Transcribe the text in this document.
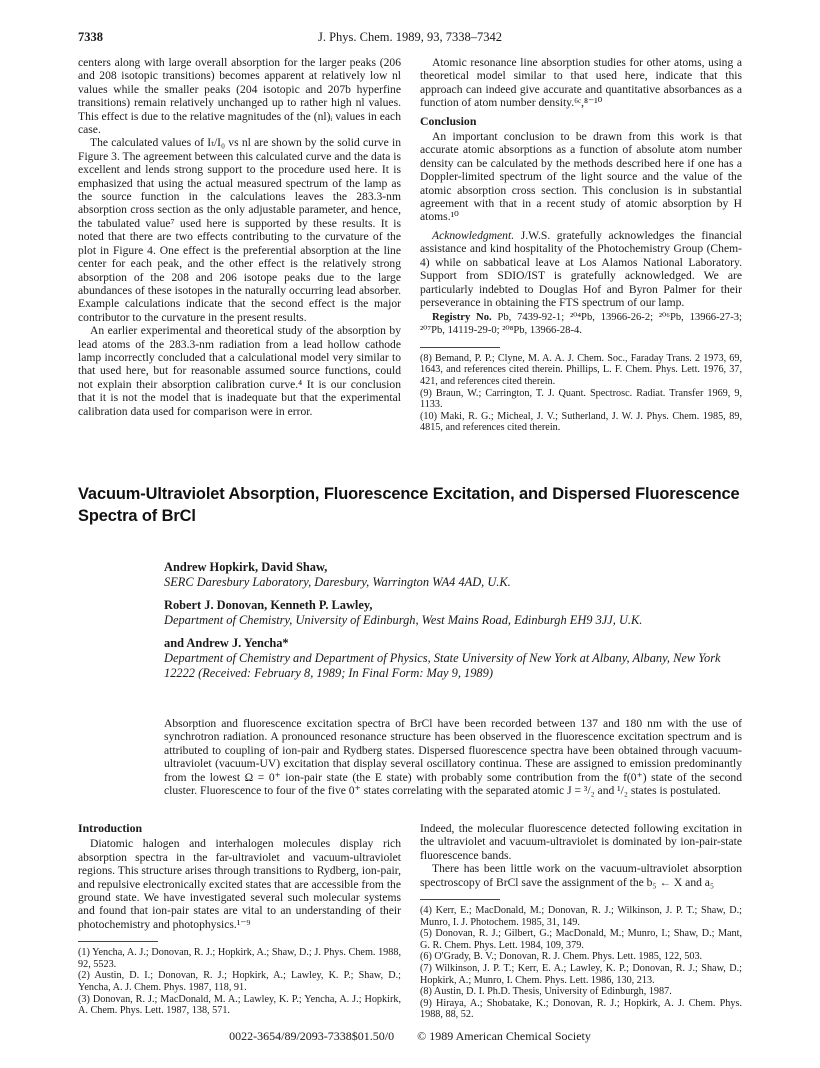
7338	J. Phys. Chem. 1989, 93, 7338–7342

centers along with large overall absorption for the larger peaks (206 and 208 isotopic transitions) becomes apparent at relatively low nl values while the smaller peaks (204 isotopic and 207b hyperfine transitions) remain relatively unchanged up to rather high nl values. This effect is due to the relative magnitudes of the (nl)ᵢ values in each case.

The calculated values of Iₜ/I₀ vs nl are shown by the solid curve in Figure 3. The agreement between this calculated curve and the data is excellent and lends strong support to the procedure used here. It is emphasized that using the actual measured spectrum of the lamp as the source function in the calculations leaves the 283.3-nm absorption cross section as the only adjustable parameter, and hence, the tabulated value⁷ used here is supported by these results. It is noted that there are two effects contributing to the curvature of the plot in Figure 4. One effect is the preferential absorption at the line center for each peak, and the other effect is the relatively strong absorption of the 208 and 206 isotope peaks due to the large abundances of these isotopes in the naturally occurring lead absorber. Example calculations indicate that the second effect is the major contributor to the curvature in the present results.

An earlier experimental and theoretical study of the absorption by lead atoms of the 283.3-nm radiation from a lead hollow cathode lamp incorrectly concluded that a calculational model very similar to that used here, but for reasonable assumed source functions, could not explain their absorption calibration curve.⁴ It is our conclusion that it is not the model that is inadequate but that the experimental calibration data used for comparison were in error.

Atomic resonance line absorption studies for other atoms, using a theoretical model similar to that used here, indicate that this approach can indeed give accurate and quantitative absorbances as a function of atom number density.⁶ᶜ,⁸⁻¹⁰

Conclusion

An important conclusion to be drawn from this work is that accurate atomic absorptions as a function of absolute atom number density can be calculated by the methods described here if one has a Doppler-limited spectrum of the light source and the value of the atomic absorption cross section. This conclusion is in substantial agreement with that in a recent study of atomic absorption by H atoms.¹⁰

Acknowledgment. J.W.S. gratefully acknowledges the financial assistance and kind hospitality of the Photochemistry Group (Chem-4) while on sabbatical leave at Los Alamos National Laboratory. Support from SDIO/IST is gratefully acknowledged. We are particularly indebted to Douglas Hof and Byron Palmer for their perseverance in obtaining the FTS spectrum of our lamp.

Registry No. Pb, 7439-92-1; ²⁰⁴Pb, 13966-26-2; ²⁰⁶Pb, 13966-27-3; ²⁰⁷Pb, 14119-29-0; ²⁰⁸Pb, 13966-28-4.

(8) Bemand, P. P.; Clyne, M. A. A. J. Chem. Soc., Faraday Trans. 2 1973, 69, 1643, and references cited therein. Phillips, L. F. Chem. Phys. Lett. 1976, 37, 421, and references cited therein.

(9) Braun, W.; Carrington, T. J. Quant. Spectrosc. Radiat. Transfer 1969, 9, 1133.

(10) Maki, R. G.; Micheal, J. V.; Sutherland, J. W. J. Phys. Chem. 1985, 89, 4815, and references cited therein.

Vacuum-Ultraviolet Absorption, Fluorescence Excitation, and Dispersed Fluorescence Spectra of BrCl

Andrew Hopkirk, David Shaw,

SERC Daresbury Laboratory, Daresbury, Warrington WA4 4AD, U.K.

Robert J. Donovan, Kenneth P. Lawley,

Department of Chemistry, University of Edinburgh, West Mains Road, Edinburgh EH9 3JJ, U.K.

and Andrew J. Yencha*

Department of Chemistry and Department of Physics, State University of New York at Albany, Albany, New York 12222 (Received: February 8, 1989; In Final Form: May 9, 1989)

Absorption and fluorescence excitation spectra of BrCl have been recorded between 137 and 180 nm with the use of synchrotron radiation. A pronounced resonance structure has been observed in the fluorescence excitation spectrum and is attributed to coupling of ion-pair and Rydberg states. Dispersed fluorescence spectra have been obtained through vacuum-ultraviolet (vacuum-UV) excitation that display several oscillatory continua. These are assigned to emission predominantly from the lowest Ω = 0⁺ ion-pair state (the E state) with probably some contribution from the f(0⁺) state of the second cluster. Fluorescence to four of the five 0⁺ states correlating with the separated atomic J = ³/₂ and ¹/₂ states is postulated.

Introduction

Diatomic halogen and interhalogen molecules display rich absorption spectra in the far-ultraviolet and vacuum-ultraviolet regions. This structure arises through transitions to Rydberg, ion-pair, and repulsive electronically excited states that are accessible from the ground state. We have investigated several such molecular systems and found that ion-pair states are vital to an understanding of their photochemistry and photophysics.¹⁻⁹

(1) Yencha, A. J.; Donovan, R. J.; Hopkirk, A.; Shaw, D.; J. Phys. Chem. 1988, 92, 5523.

(2) Austin, D. I.; Donovan, R. J.; Hopkirk, A.; Lawley, K. P.; Shaw, D.; Yencha, A. J. Chem. Phys. 1987, 118, 91.

(3) Donovan, R. J.; MacDonald, M. A.; Lawley, K. P.; Yencha, A. J.; Hopkirk, A. Chem. Phys. Lett. 1987, 138, 571.

Indeed, the molecular fluorescence detected following excitation in the ultraviolet and vacuum-ultraviolet is dominated by ion-pair-state fluorescence bands.

There has been little work on the vacuum-ultraviolet absorption spectroscopy of BrCl save the assignment of the b₅ ← X and a₅

(4) Kerr, E.; MacDonald, M.; Donovan, R. J.; Wilkinson, J. P. T.; Shaw, D.; Munro, I. J. Photochem. 1985, 31, 149.

(5) Donovan, R. J.; Gilbert, G.; MacDonald, M.; Munro, I.; Shaw, D.; Mant, G. R. Chem. Phys. Lett. 1984, 109, 379.

(6) O'Grady, B. V.; Donovan, R. J. Chem. Phys. Lett. 1985, 122, 503.

(7) Wilkinson, J. P. T.; Kerr, E. A.; Lawley, K. P.; Donovan, R. J.; Shaw, D.; Hopkirk, A.; Munro, I. Chem. Phys. Lett. 1986, 130, 213.

(8) Austin, D. I. Ph.D. Thesis, University of Edinburgh, 1987.

(9) Hiraya, A.; Shobatake, K.; Donovan, R. J.; Hopkirk, A. J. Chem. Phys. 1988, 88, 52.

0022-3654/89/2093-7338$01.50/0 © 1989 American Chemical Society
